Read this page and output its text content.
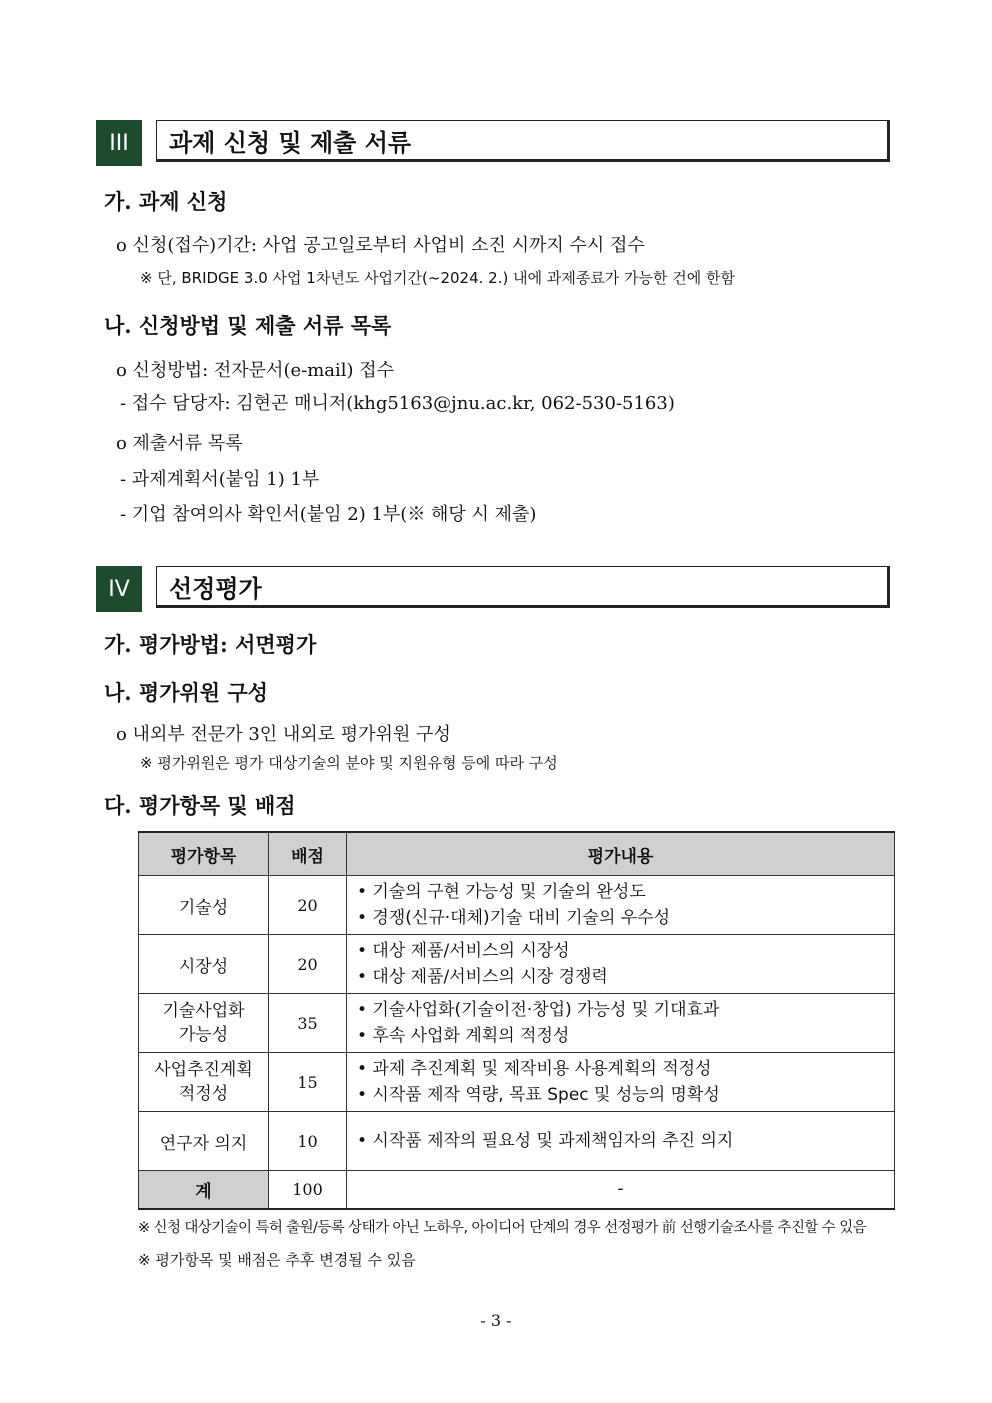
III	과제 신청 및 제출 서류
가. 과제 신청
o 신청(접수)기간: 사업 공고일로부터 사업비 소진 시까지 수시 접수
※ 단, BRIDGE 3.0 사업 1차년도 사업기간(~2024. 2.) 내에 과제종료가 가능한 건에 한함
나. 신청방법 및 제출 서류 목록
o 신청방법: 전자문서(e-mail) 접수
- 접수 담당자: 김현곤 매니저(khg5163@jnu.ac.kr, 062-530-5163)
o 제출서류 목록
- 과제계획서(붙임 1) 1부
- 기업 참여의사 확인서(붙임 2) 1부(※ 해당 시 제출)
IV	선정평가
가. 평가방법: 서면평가
나. 평가위원 구성
o 내외부 전문가 3인 내외로 평가위원 구성
※ 평가위원은 평가 대상기술의 분야 및 지원유형 등에 따라 구성
다. 평가항목 및 배점
평가항목	배점	평가내용
기술성	20	• 기술의 구현 가능성 및 기술의 완성도
• 경쟁(신규·대체)기술 대비 기술의 우수성

시장성	20	• 대상 제품/서비스의 시장성
• 대상 제품/서비스의 시장 경쟁력

기술사업화
가능성	35	• 기술사업화(기술이전·창업) 가능성 및 기대효과
• 후속 사업화 계획의 적정성

사업추진계획
적정성	15	• 과제 추진계획 및 제작비용 사용계획의 적정성
• 시작품 제작 역량, 목표 Spec 및 성능의 명확성

연구자 의지	10	• 시작품 제작의 필요성 및 과제책임자의 추진 의지

계	100	-
※ 신청 대상기술이 특허 출원/등록 상태가 아닌 노하우, 아이디어 단계의 경우 선정평가 前 선행기술조사를 추진할 수 있음
※ 평가항목 및 배점은 추후 변경될 수 있음
- 3 -
